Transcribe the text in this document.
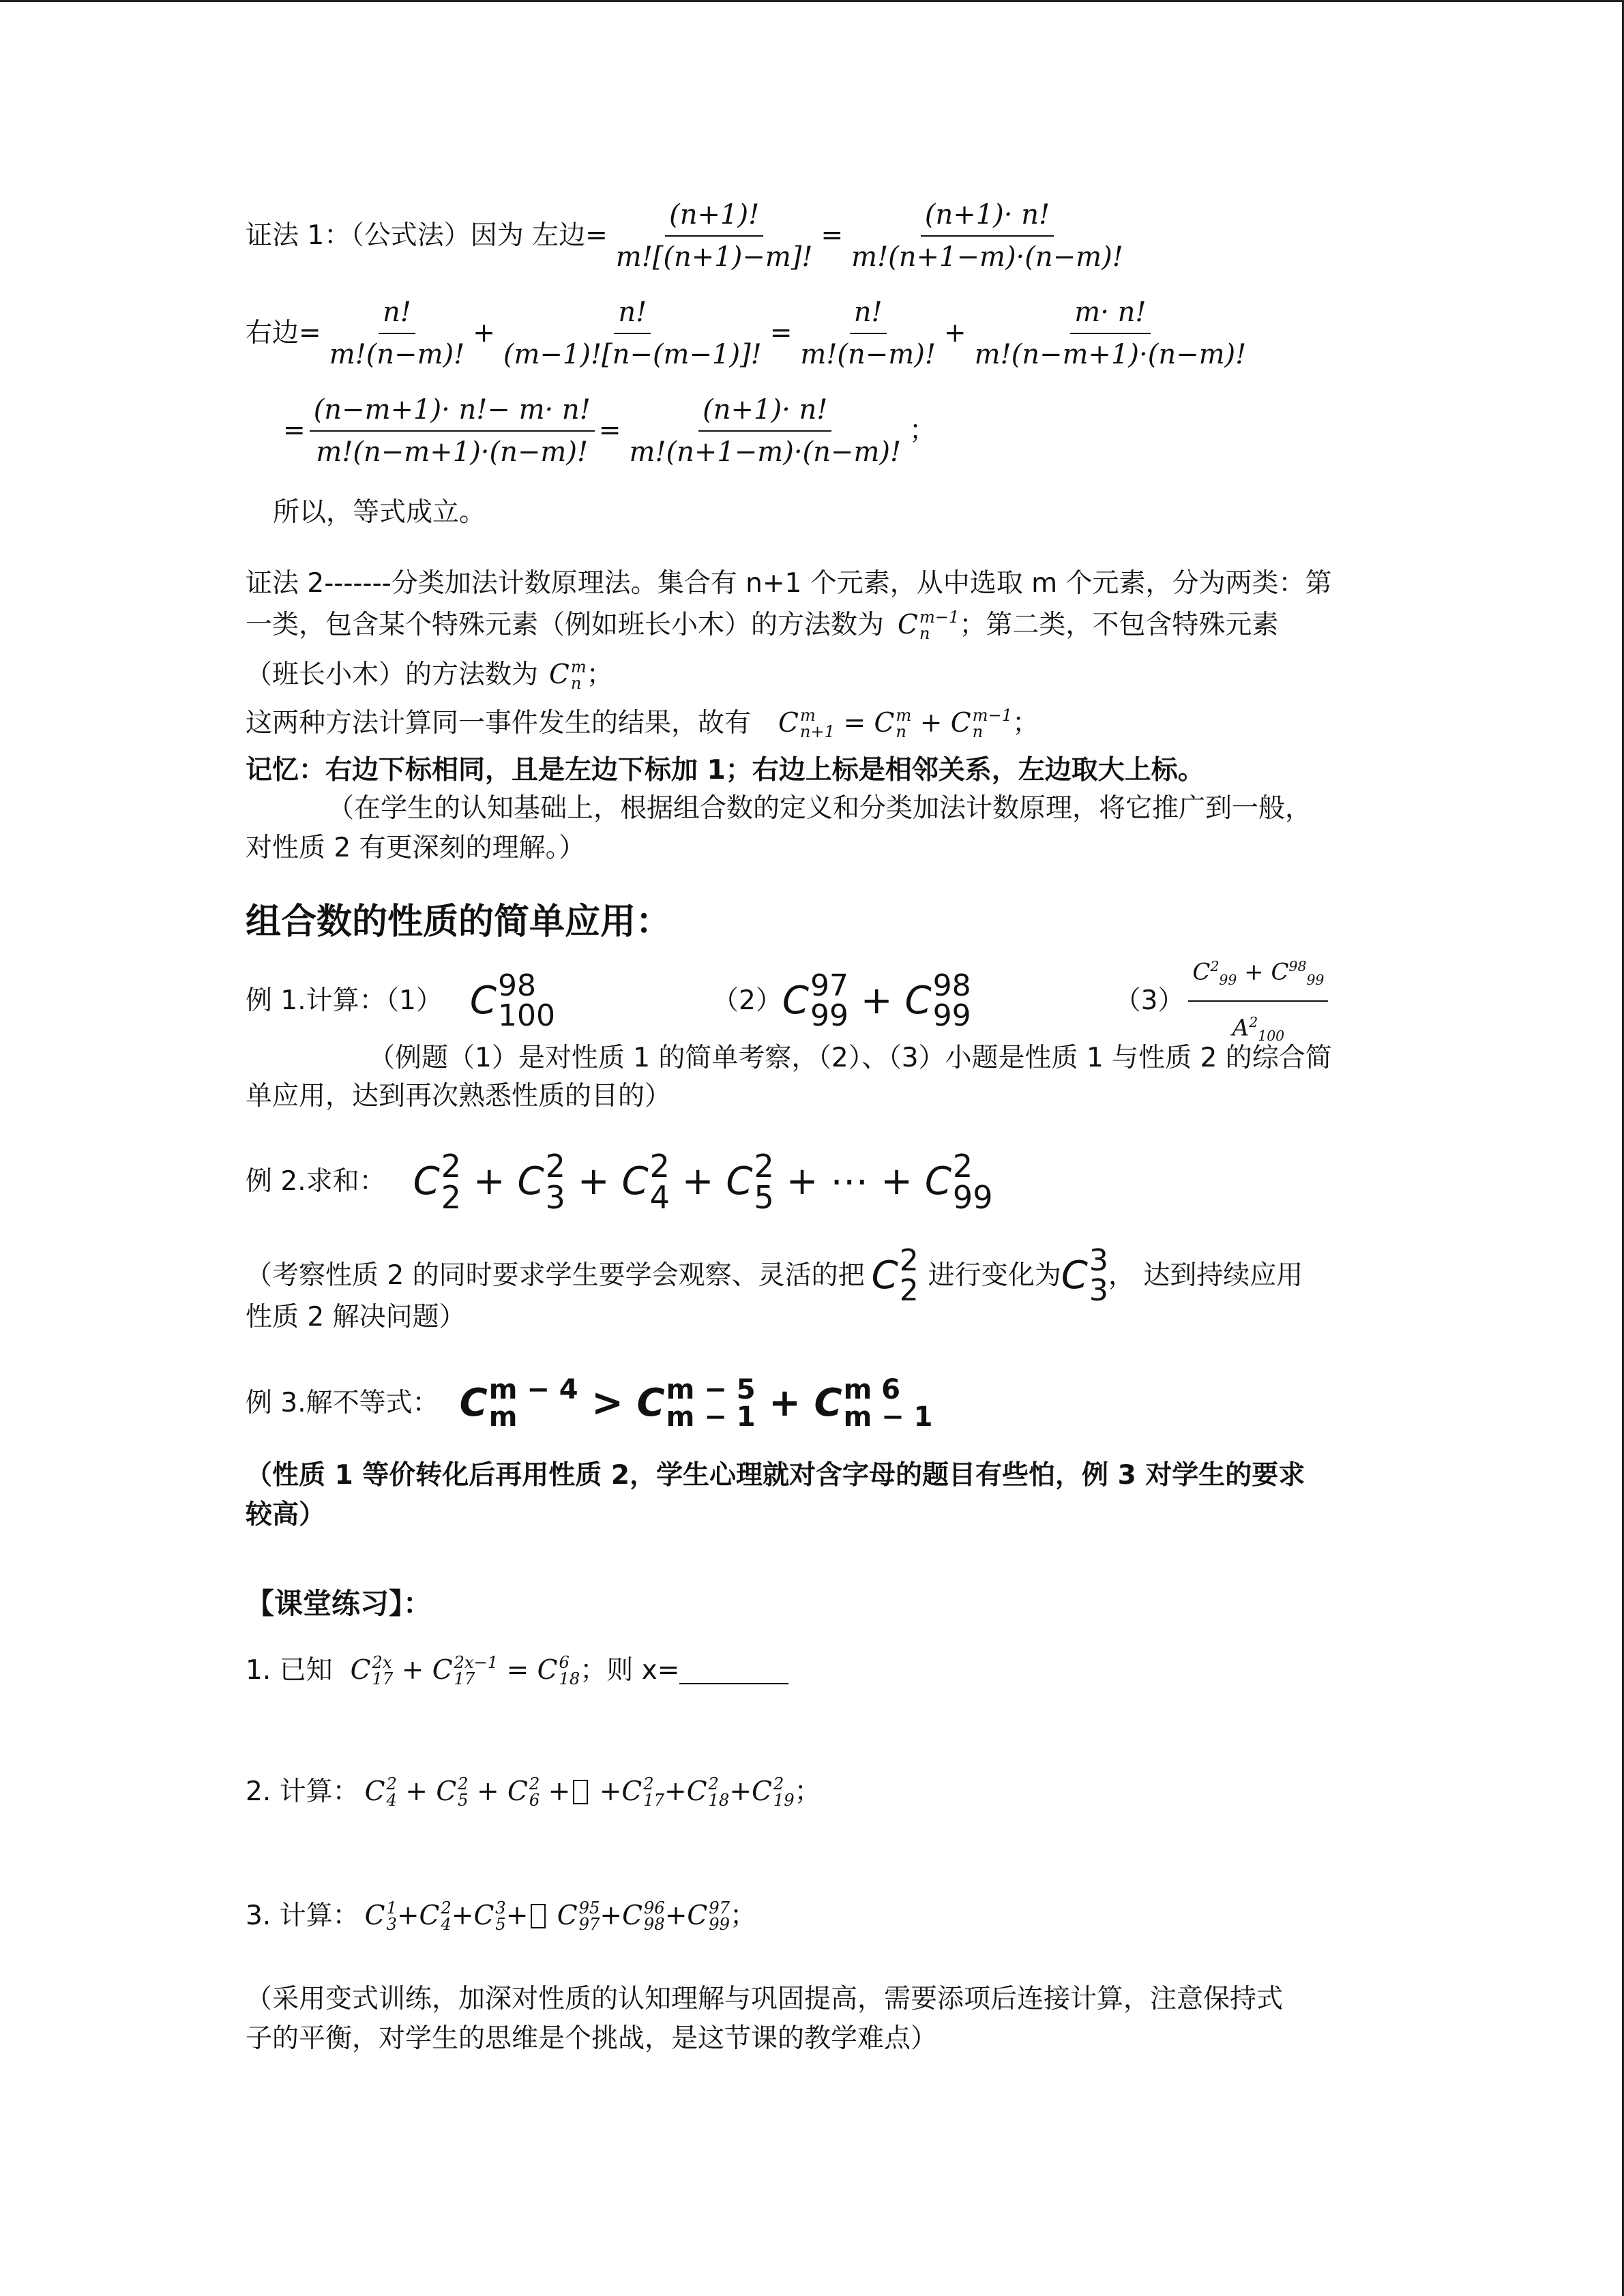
证法 1：（公式法）因为 左边= $\frac{(n+1)!}{m![(n+1)-m]!} = \frac{(n+1)\cdot n!}{m!(n+1-m)\cdot(n-m)!}$
右边= $\frac{n!}{m!(n-m)!} + \frac{n!}{(m-1)![n-(m-1)]!} = \frac{n!}{m!(n-m)!} + \frac{m\cdot n!}{m!(n-m+1)\cdot(n-m)!}$
= $\frac{(n-m+1)\cdot n!- m\cdot n!}{m!(n-m+1)\cdot(n-m)!} = \frac{(n+1)\cdot n!}{m!(n+1-m)\cdot(n-m)!}$ ；
所以，等式成立。
证法 2-------分类加法计数原理法。集合有 n+1 个元素，从中选取 m 个元素，分为两类：第
一类，包含某个特殊元素（例如班长小木）的方法数为 C m−1
n	；第二类，不包含特殊元素
（班长小木）的方法数为 C m
n ；
这两种方法计算同一事件发生的结果，故有 C m
n+1 = C m
n + C m−1
n	；
记忆：右边下标相同，且是左边下标加 1；右边上标是相邻关系，左边取大上标。
（在学生的认知基础上，根据组合数的定义和分类加法计数原理，将它推广到一般，
对性质 2 有更深刻的理解。）
组合数的性质的简单应用：
例 1.计算：（1） C 98
100	（2） C 97
99 + C 98
99	$(3) \frac{C^2_{99} + C^{98}_{99}}{A^2_{100}}$
（例题（1）是对性质 1 的简单考察，（2）、（3）小题是性质 1 与性质 2 的综合简
单应用，达到再次熟悉性质的目的）
例 2.求和： C 2
2 + C 2
3 + C 2
4 + C 2
5 + ⋯ + C 2
99
（考察性质 2 的同时要求学生要学会观察、灵活的把 C 2
2 进行变化为 C 3
3 ， 达到持续应用
性质 2 解决问题）
例 3.解不等式： C m − 4
m	> C m − 5
m − 1 + C m 6
m − 1
（性质 1 等价转化后再用性质 2，学生心理就对含字母的题目有些怕，例 3 对学生的要求
较高）
【课堂练习】：
1. 已知 C 2x
17 + C 2x−1
17 = C 6
18 ；则 x=
2. 计算： C 2
4 + C 2
5 + C 2
6 + +C 2
17 +C 2
18 +C 2
19 ；
3. 计算： C 1
3 +C 2
4 +C 3
5 + C 95
97 +C 96
98 +C 97
99 ；
（采用变式训练，加深对性质的认知理解与巩固提高，需要添项后连接计算，注意保持式
子的平衡，对学生的思维是个挑战，是这节课的教学难点）
